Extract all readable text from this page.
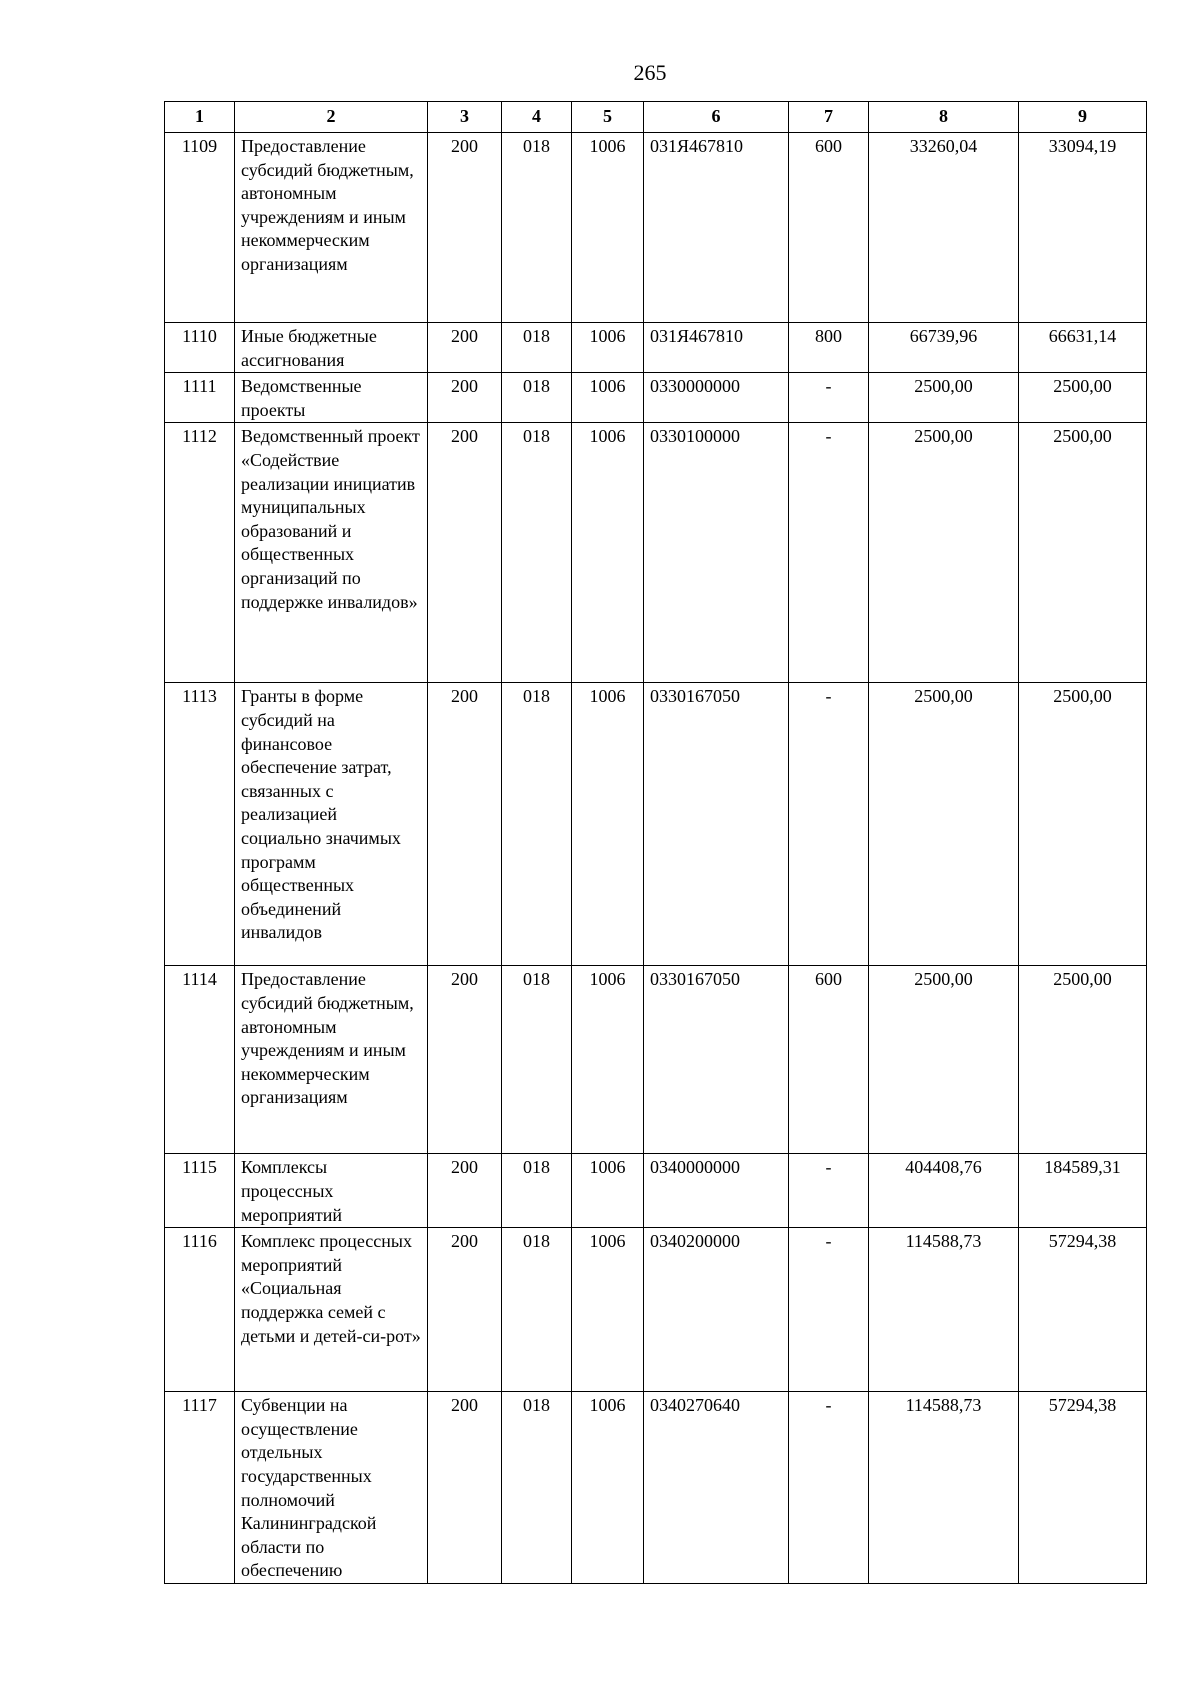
265
1	2	3	4	5	6	7	8	9
1109	Предоставление субсидий бюджетным, автономным учреждениям и иным некоммерческим организациям	200	018	1006	031Я467810	600	33260,04	33094,19
1110	Иные бюджетные ассигнования	200	018	1006	031Я467810	800	66739,96	66631,14
1111	Ведомственные проекты	200	018	1006	0330000000	-	2500,00	2500,00
1112	Ведомственный проект «Содействие реализации инициатив муниципальных образований и общественных организаций по поддержке инвалидов»	200	018	1006	0330100000	-	2500,00	2500,00
1113	Гранты в форме субсидий на финансовое обеспечение затрат, связанных с реализацией социально значимых программ общественных объединений инвалидов	200	018	1006	0330167050	-	2500,00	2500,00
1114	Предоставление субсидий бюджетным, автономным учреждениям и иным некоммерческим организациям	200	018	1006	0330167050	600	2500,00	2500,00
1115	Комплексы процессных мероприятий	200	018	1006	0340000000	-	404408,76	184589,31
1116	Комплекс процессных мероприятий «Социальная поддержка семей с детьми и детей-си-рот»	200	018	1006	0340200000	-	114588,73	57294,38
1117	Субвенции на осуществление отдельных государственных полномочий Калининградской области по обеспечению	200	018	1006	0340270640	-	114588,73	57294,38
